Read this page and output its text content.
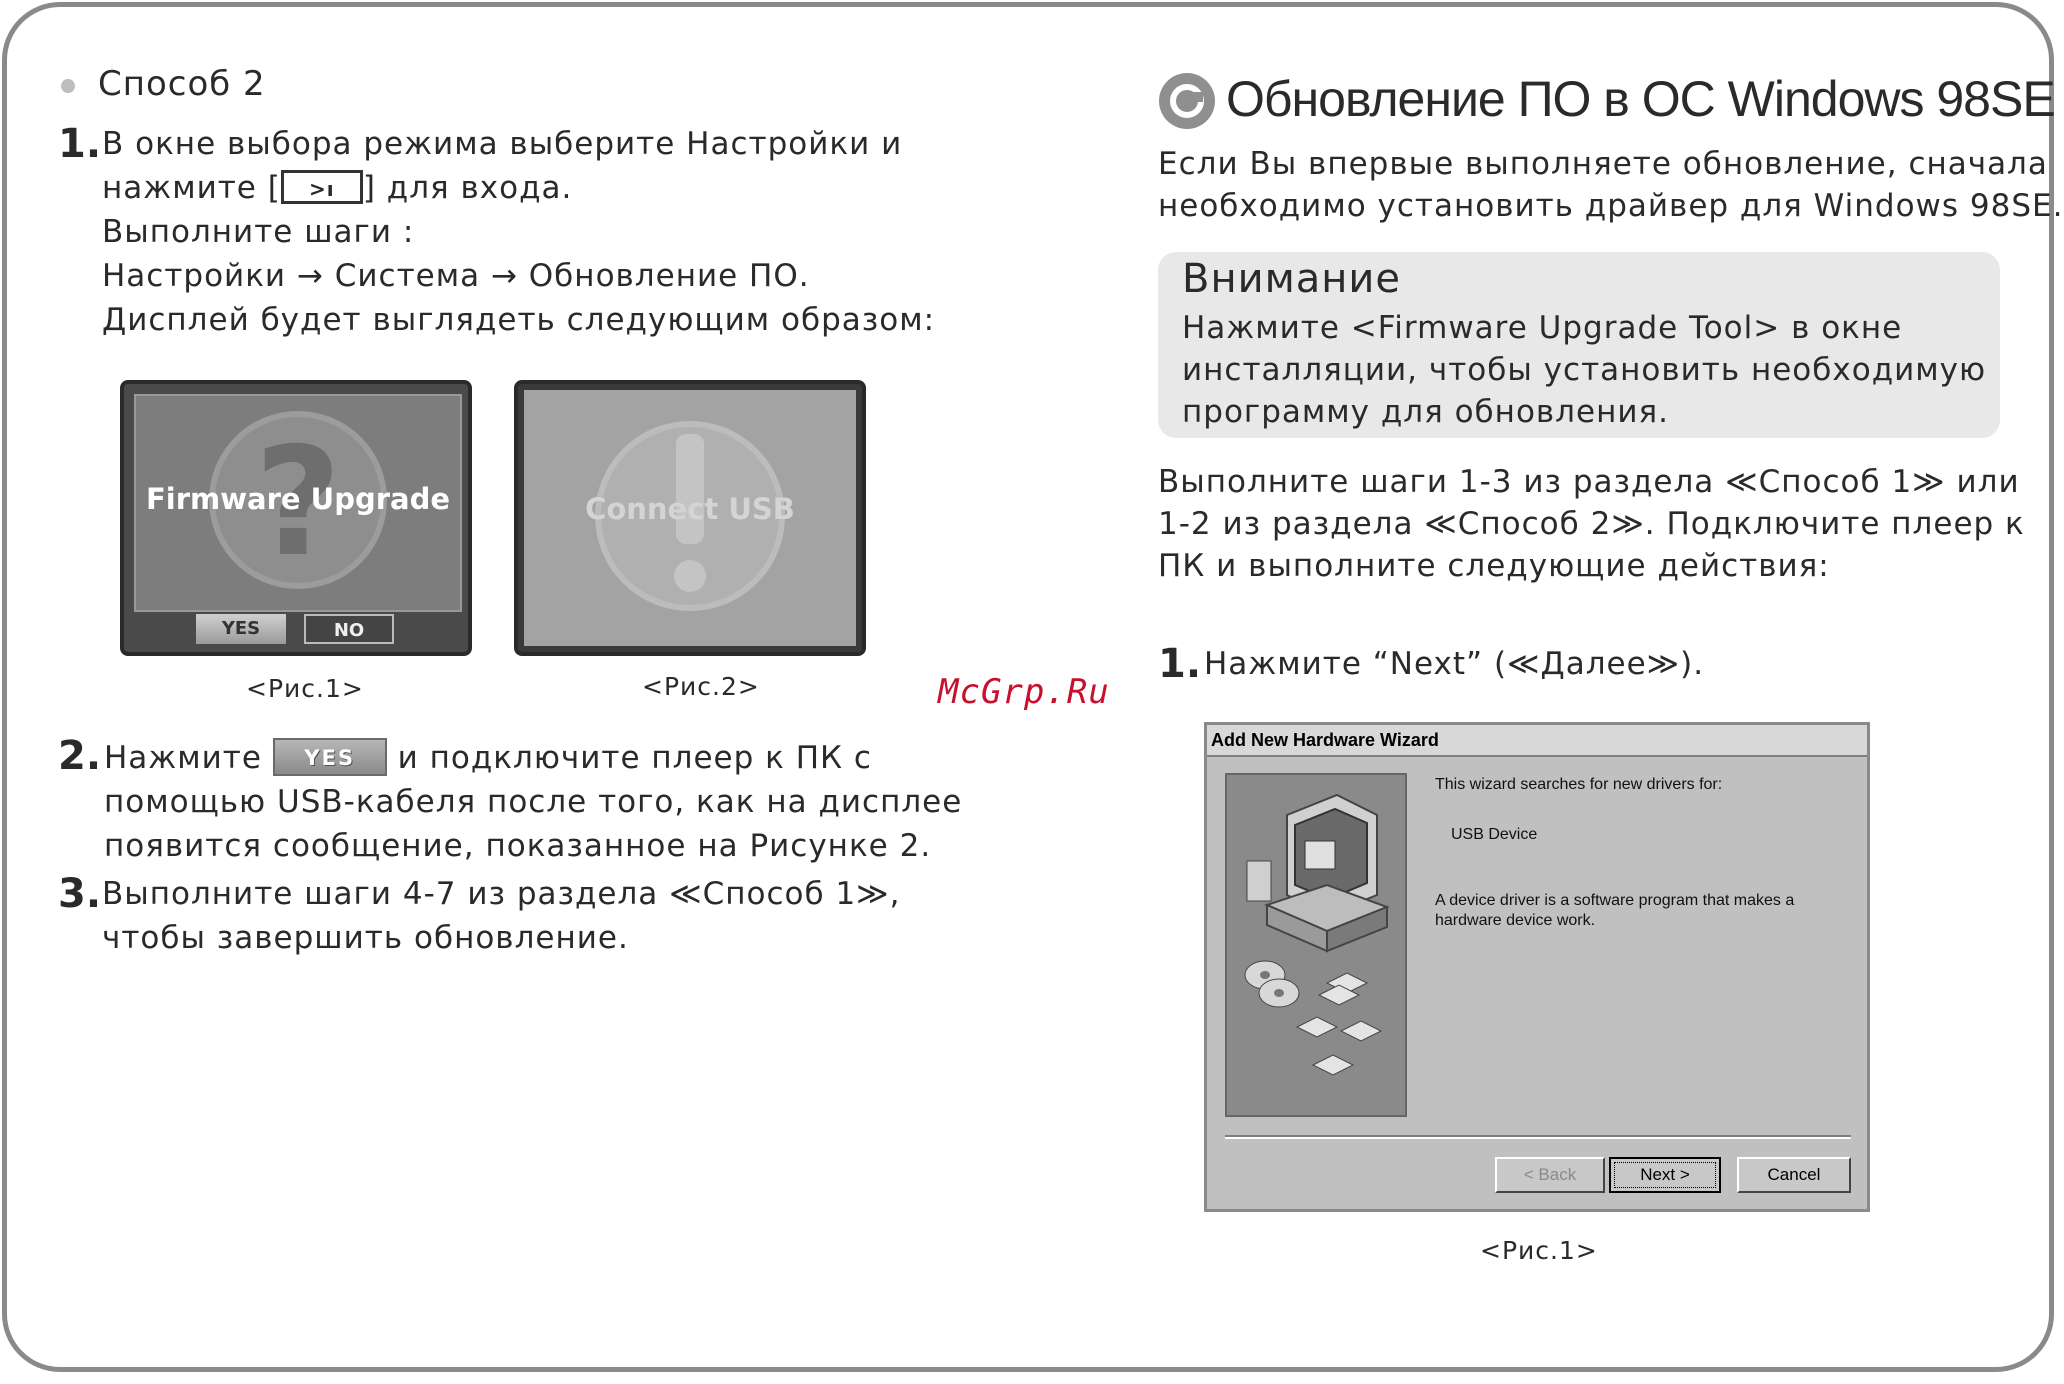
Способ 2
1. В окне выбора режима выберите Настройки и
нажмите [ >ı ] для входа.
Выполните шаги :
Настройки → Система → Обновление ПО.
Дисплей будет выглядеть следующим образом:
?
Firmware Upgrade
YES	NO
<Рис.1>
Connect USB
<Рис.2>
2. Нажмите YES и подключите плеер к ПК с
помощью USB-кабеля после того, как на дисплее
появится сообщение, показанное на Рисунке 2.
3. Выполните шаги 4-7 из раздела ≪Способ 1≫,
чтобы завершить обновление.
McGrp.Ru
Обновление ПО в ОС Windows 98SE
Если Вы впервые выполняете обновление, сначала
необходимо установить драйвер для Windows 98SE.
Внимание
Нажмите <Firmware Upgrade Tool> в окне
инсталляции, чтобы установить необходимую
программу для обновления.
Выполните шаги 1-3 из раздела ≪Способ 1≫ или
1-2 из раздела ≪Способ 2≫. Подключите плеер к
ПК и выполните следующие действия:
1. Нажмите “Next” (≪Далее≫).
Add New Hardware Wizard
This wizard searches for new drivers for:
USB Device
A device driver is a software program that makes a
hardware device work.
< Back	Next >	Cancel
<Рис.1>
